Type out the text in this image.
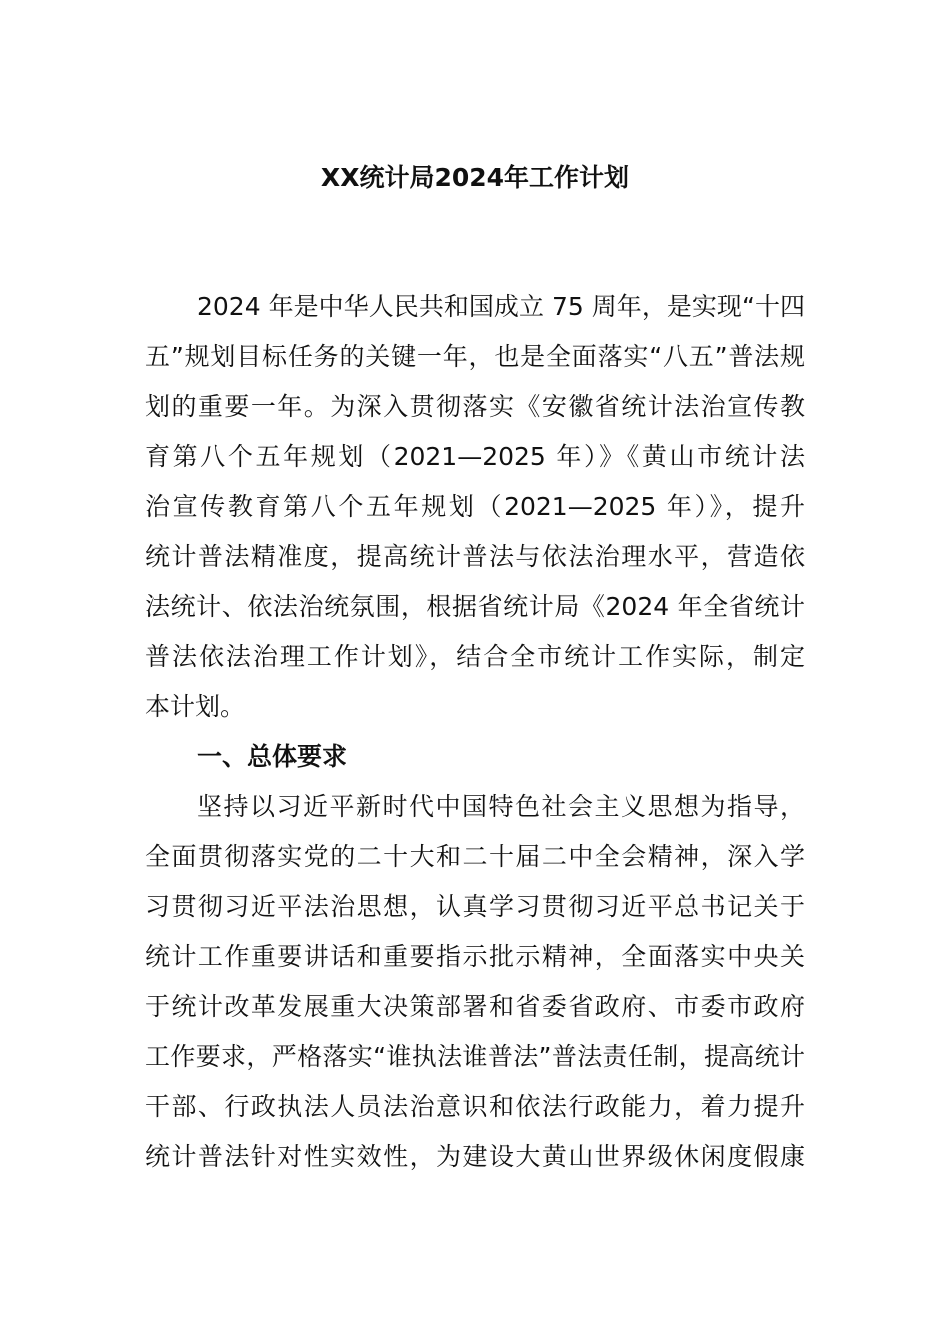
XX统计局2024年工作计划
2024 年是中华人民共和国成立 75 周年，是实现“十四
五”规划目标任务的关键一年，也是全面落实“八五”普法规
划的重要一年。为深入贯彻落实《安徽省统计法治宣传教
育第八个五年规划（2021—2025 年）》《黄山市统计法
治宣传教育第八个五年规划（2021—2025 年）》，提升
统计普法精准度，提高统计普法与依法治理水平，营造依
法统计、依法治统氛围，根据省统计局《2024 年全省统计
普法依法治理工作计划》，结合全市统计工作实际，制定
本计划。
一、总体要求
坚持以习近平新时代中国特色社会主义思想为指导，
全面贯彻落实党的二十大和二十届二中全会精神，深入学
习贯彻习近平法治思想，认真学习贯彻习近平总书记关于
统计工作重要讲话和重要指示批示精神，全面落实中央关
于统计改革发展重大决策部署和省委省政府、市委市政府
工作要求，严格落实“谁执法谁普法”普法责任制，提高统计
干部、行政执法人员法治意识和依法行政能力，着力提升
统计普法针对性实效性，为建设大黄山世界级休闲度假康
